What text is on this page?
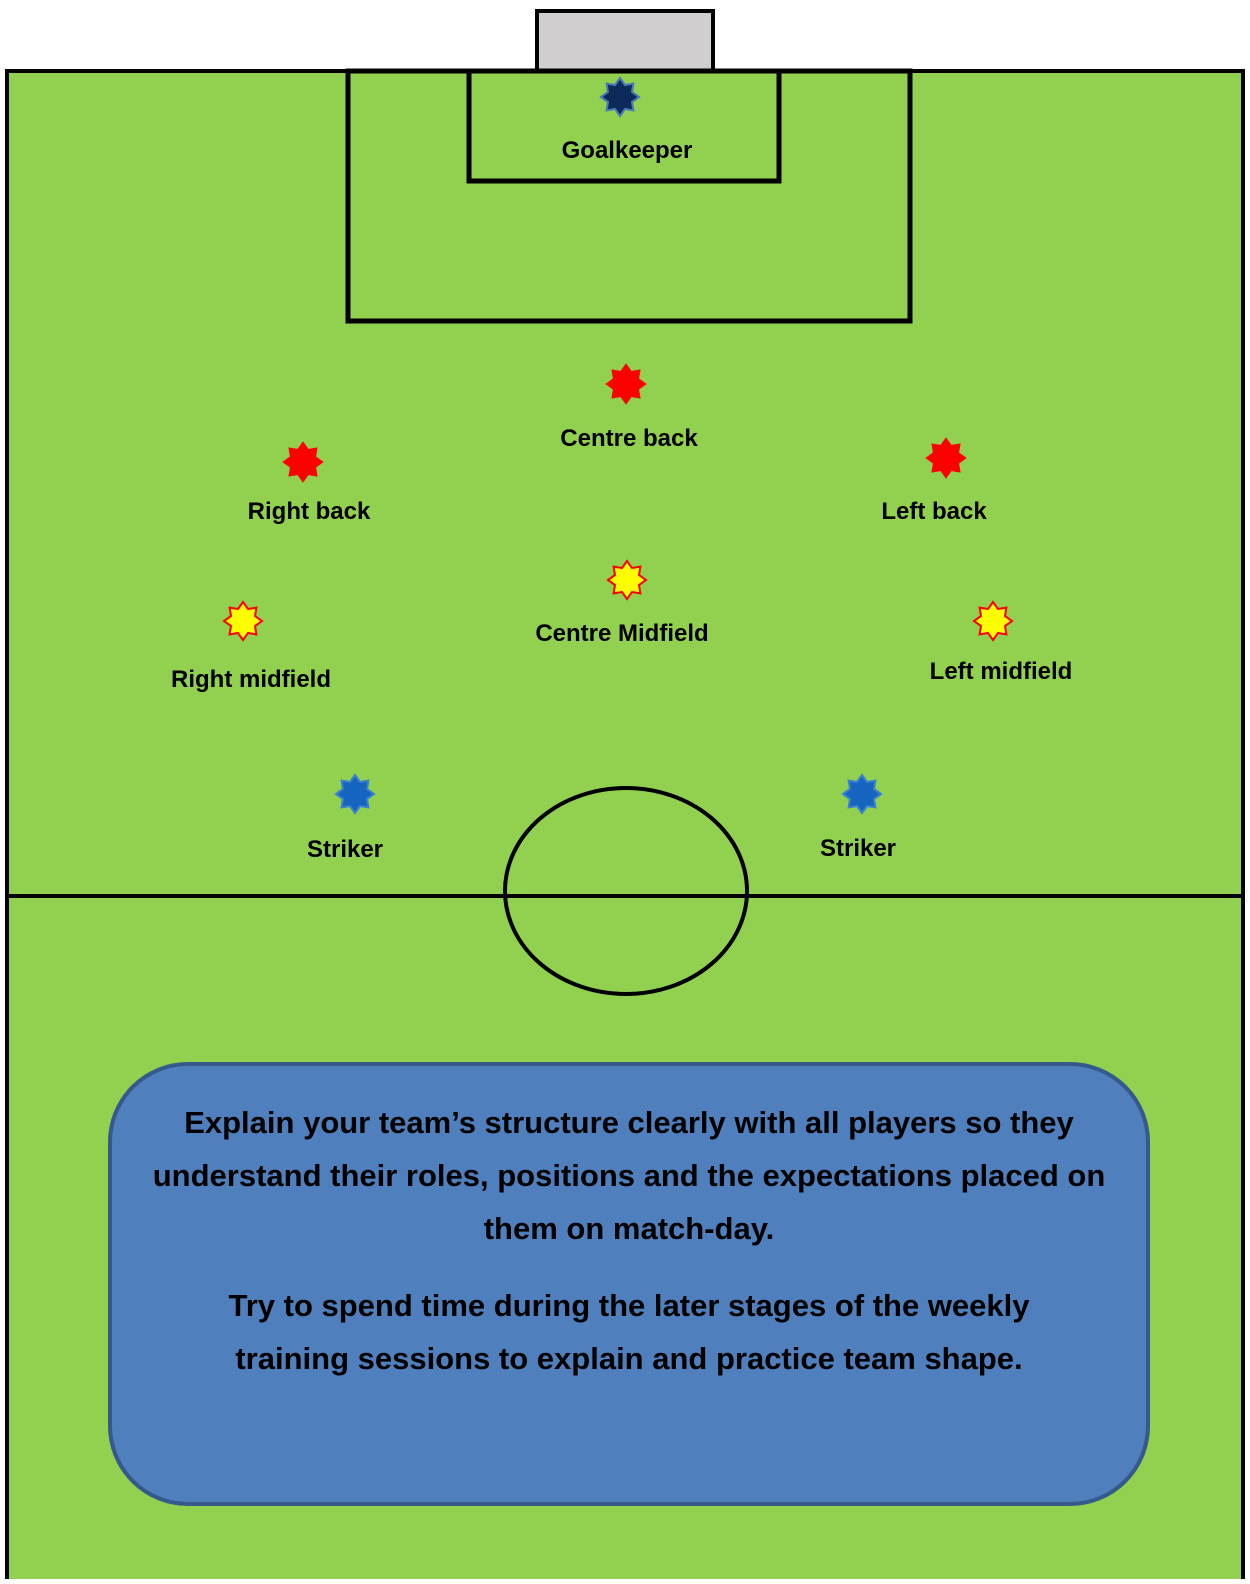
Goalkeeper
Centre back
Right back	Left back
Centre Midfield
Right midfield	Left midfield
Striker	Striker

Explain your team’s structure clearly with all players so they understand their roles, positions and the expectations placed on them on match-day.

Try to spend time during the later stages of the weekly training sessions to explain and practice team shape.
